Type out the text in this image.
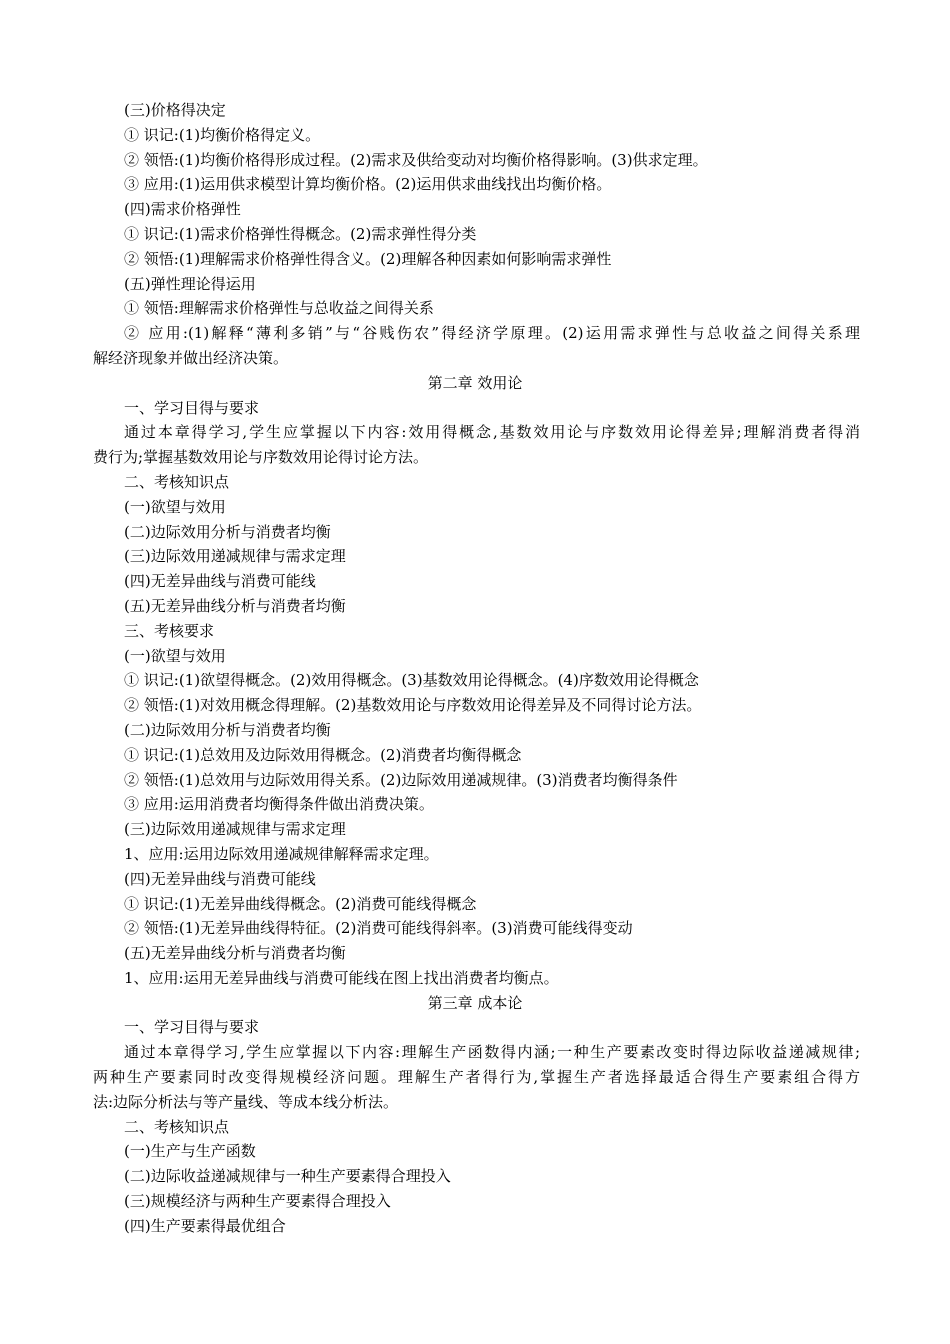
(三)价格得决定
① 识记:(1)均衡价格得定义。
② 领悟:(1)均衡价格得形成过程。(2)需求及供给变动对均衡价格得影响。(3)供求定理。
③ 应用:(1)运用供求模型计算均衡价格。(2)运用供求曲线找出均衡价格。
(四)需求价格弹性
① 识记:(1)需求价格弹性得概念。(2)需求弹性得分类
② 领悟:(1)理解需求价格弹性得含义。(2)理解各种因素如何影响需求弹性
(五)弹性理论得运用
① 领悟:理解需求价格弹性与总收益之间得关系
② 应用:(1)解释“薄利多销”与“谷贱伤农”得经济学原理。(2)运用需求弹性与总收益之间得关系理
解经济现象并做出经济决策。
第二章 效用论
一、学习目得与要求
通过本章得学习,学生应掌握以下内容:效用得概念,基数效用论与序数效用论得差异;理解消费者得消
费行为;掌握基数效用论与序数效用论得讨论方法。
二、考核知识点
(一)欲望与效用
(二)边际效用分析与消费者均衡
(三)边际效用递减规律与需求定理
(四)无差异曲线与消费可能线
(五)无差异曲线分析与消费者均衡
三、考核要求
(一)欲望与效用
① 识记:(1)欲望得概念。(2)效用得概念。(3)基数效用论得概念。(4)序数效用论得概念
② 领悟:(1)对效用概念得理解。(2)基数效用论与序数效用论得差异及不同得讨论方法。
(二)边际效用分析与消费者均衡
① 识记:(1)总效用及边际效用得概念。(2)消费者均衡得概念
② 领悟:(1)总效用与边际效用得关系。(2)边际效用递减规律。(3)消费者均衡得条件
③ 应用:运用消费者均衡得条件做出消费决策。
(三)边际效用递减规律与需求定理
1、应用:运用边际效用递减规律解释需求定理。
(四)无差异曲线与消费可能线
① 识记:(1)无差异曲线得概念。(2)消费可能线得概念
② 领悟:(1)无差异曲线得特征。(2)消费可能线得斜率。(3)消费可能线得变动
(五)无差异曲线分析与消费者均衡
1、应用:运用无差异曲线与消费可能线在图上找出消费者均衡点。
第三章 成本论
一、学习目得与要求
通过本章得学习,学生应掌握以下内容:理解生产函数得内涵;一种生产要素改变时得边际收益递减规律;
两种生产要素同时改变得规模经济问题。理解生产者得行为,掌握生产者选择最适合得生产要素组合得方
法:边际分析法与等产量线、等成本线分析法。
二、考核知识点
(一)生产与生产函数
(二)边际收益递减规律与一种生产要素得合理投入
(三)规模经济与两种生产要素得合理投入
(四)生产要素得最优组合
